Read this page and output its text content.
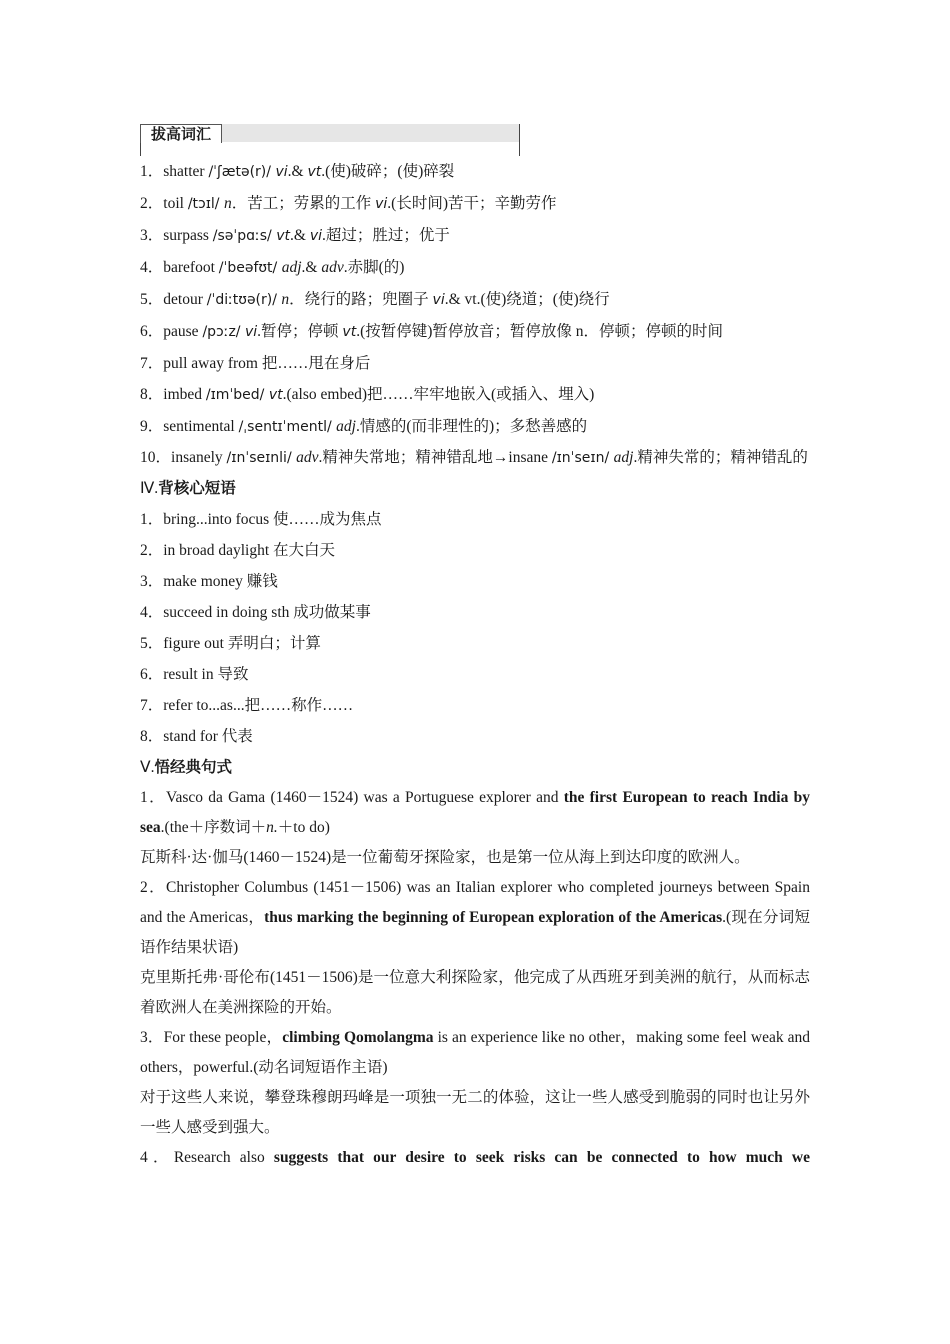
拔高词汇
1．shatter /ˈʃætə(r)/ vi.& vt.(使)破碎；(使)碎裂
2．toil /tɔɪl/ n．苦工；劳累的工作 vi.(长时间)苦干；辛勤劳作
3．surpass /səˈpɑːs/ vt.& vi.超过；胜过；优于
4．barefoot /ˈbeəfʊt/ adj.& adv.赤脚(的)
5．detour /ˈdiːtʊə(r)/ n．绕行的路；兜圈子 vi.& vt.(使)绕道；(使)绕行
6．pause /pɔːz/ vi.暂停；停顿 vt.(按暂停键)暂停放音；暂停放像 n．停顿；停顿的时间
7．pull away from 把……甩在身后
8．imbed /ɪmˈbed/ vt.(also embed)把……牢牢地嵌入(或插入、埋入)
9．sentimental /ˌsentɪˈmentl/ adj.情感的(而非理性的)；多愁善感的
10．insanely /ɪnˈseɪnli/ adv.精神失常地；精神错乱地→insane /ɪnˈseɪn/ adj.精神失常的；精神错乱的
Ⅳ.背核心短语
1．bring...into focus 使……成为焦点
2．in broad daylight 在大白天
3．make money 赚钱
4．succeed in doing sth 成功做某事
5．figure out 弄明白；计算
6．result in 导致
7．refer to...as...把……称作……
8．stand for 代表
Ⅴ.悟经典句式
1．Vasco da Gama (1460－1524) was a Portuguese explorer and the first European to reach India by sea.(the＋序数词＋n.＋to do)
瓦斯科·达·伽马(1460－1524)是一位葡萄牙探险家，也是第一位从海上到达印度的欧洲人。
2．Christopher Columbus (1451－1506) was an Italian explorer who completed journeys between Spain and the Americas，thus marking the beginning of European exploration of the Americas.(现在分词短语作结果状语)
克里斯托弗·哥伦布(1451－1506)是一位意大利探险家，他完成了从西班牙到美洲的航行，从而标志着欧洲人在美洲探险的开始。
3．For these people，climbing Qomolangma is an experience like no other，making some feel weak and others，powerful.(动名词短语作主语)
对于这些人来说，攀登珠穆朗玛峰是一项独一无二的体验，这让一些人感受到脆弱的同时也让另外一些人感受到强大。
4．Research also suggests that our desire to seek risks can be connected to how much we
